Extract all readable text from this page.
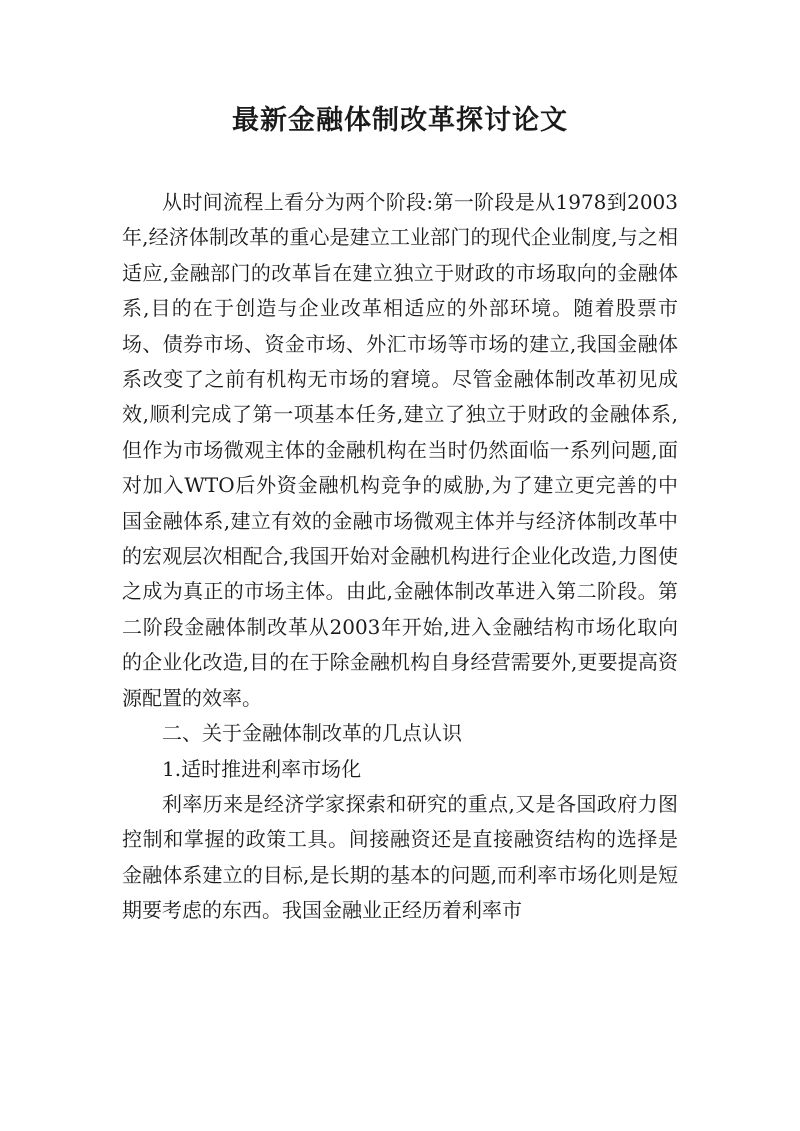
最新金融体制改革探讨论文

从时间流程上看分为两个阶段:第一阶段是从1978到2003年,经济体制改革的重心是建立工业部门的现代企业制度,与之相适应,金融部门的改革旨在建立独立于财政的市场取向的金融体系,目的在于创造与企业改革相适应的外部环境。随着股票市场、债券市场、资金市场、外汇市场等市场的建立,我国金融体系改变了之前有机构无市场的窘境。尽管金融体制改革初见成效,顺利完成了第一项基本任务,建立了独立于财政的金融体系,但作为市场微观主体的金融机构在当时仍然面临一系列问题,面对加入WTO后外资金融机构竞争的威胁,为了建立更完善的中国金融体系,建立有效的金融市场微观主体并与经济体制改革中的宏观层次相配合,我国开始对金融机构进行企业化改造,力图使之成为真正的市场主体。由此,金融体制改革进入第二阶段。第二阶段金融体制改革从2003年开始,进入金融结构市场化取向的企业化改造,目的在于除金融机构自身经营需要外,更要提高资源配置的效率。

二、关于金融体制改革的几点认识

1.适时推进利率市场化

利率历来是经济学家探索和研究的重点,又是各国政府力图控制和掌握的政策工具。间接融资还是直接融资结构的选择是金融体系建立的目标,是长期的基本的问题,而利率市场化则是短期要考虑的东西。我国金融业正经历着利率市
